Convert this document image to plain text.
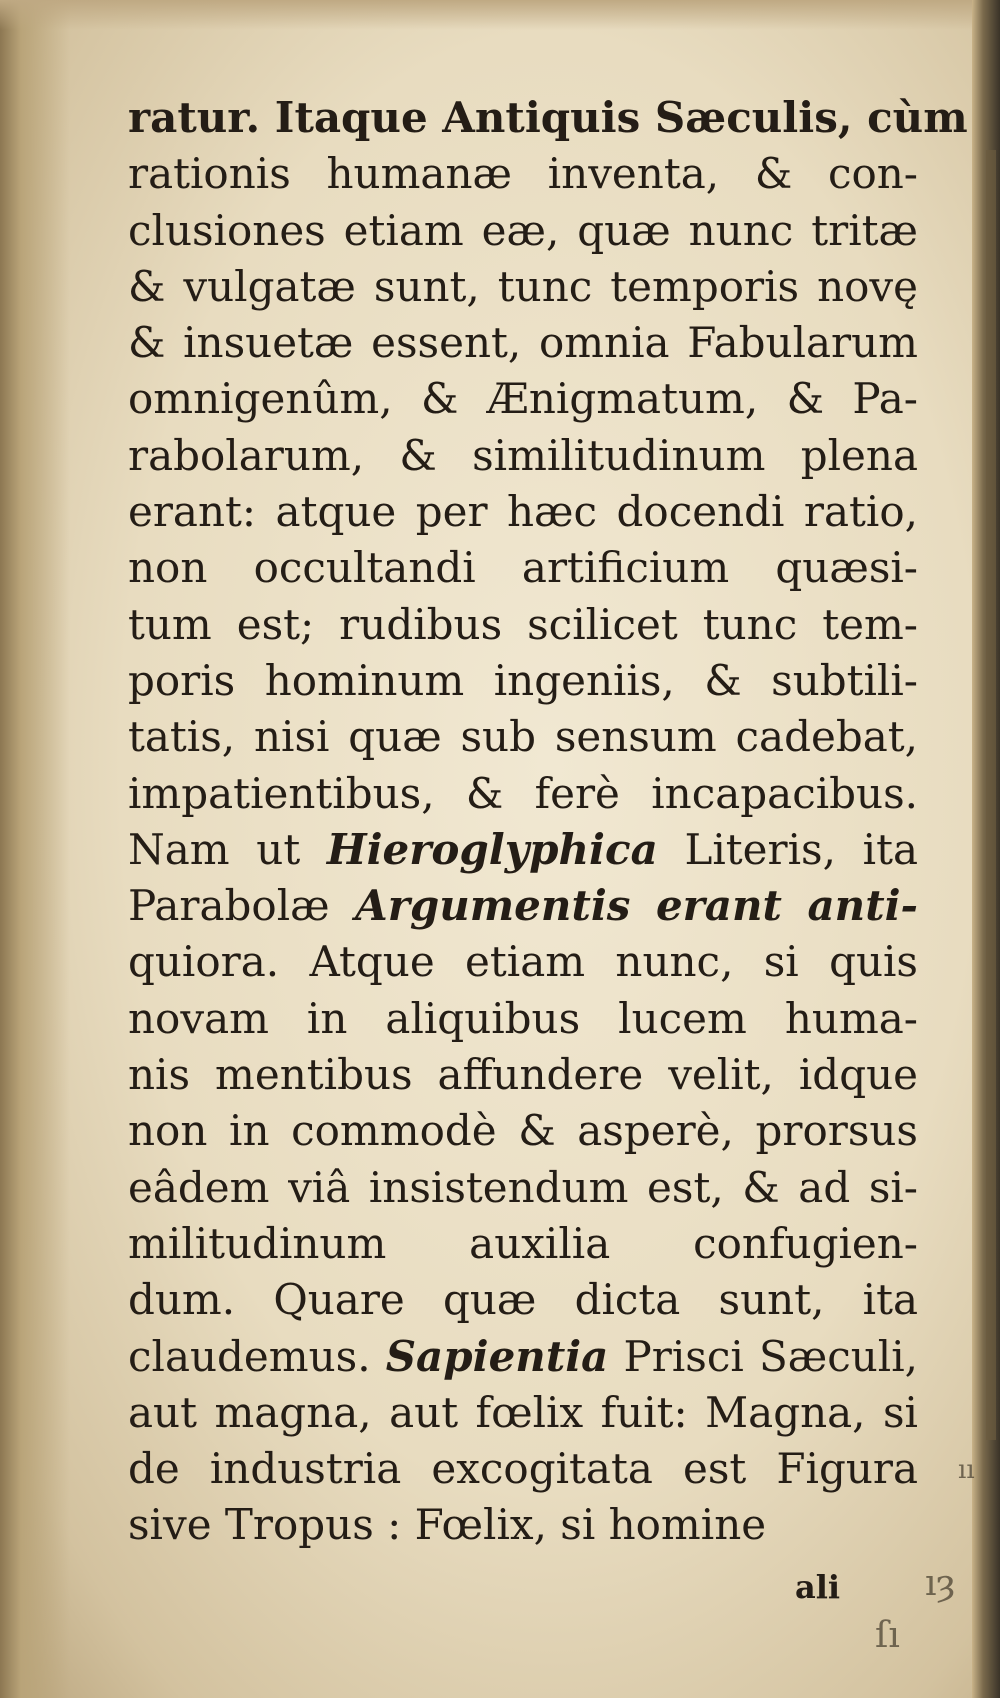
ratur. Itaque Antiquis Sæculis, cùm
rationis humanæ inventa, & con-
clusiones etiam eæ, quæ nunc tritæ
& vulgatæ sunt, tunc temporis novę
& insuetæ essent, omnia Fabularum
omnigenûm, & Ænigmatum, & Pa-
rabolarum, & similitudinum plena
erant: atque per hæc docendi ratio,
non occultandi artificium quæsi-
tum est; rudibus scilicet tunc tem-
poris hominum ingeniis, & subtili-
tatis, nisi quæ sub sensum cadebat,
impatientibus, & ferè incapacibus.
Nam ut Hieroglyphica Literis, ita
Parabolæ Argumentis erant anti-
quiora. Atque etiam nunc, si quis
novam in aliquibus lucem huma-
nis mentibus affundere velit, idque
non in commodè & asperè, prorsus
eâdem viâ insistendum est, & ad si-
militudinum auxilia confugien-
dum. Quare quæ dicta sunt, ita
claudemus. Sapientia Prisci Sæculi,
aut magna, aut fœlix fuit: Magna, si
de industria excogitata est Figura
sive Tropus : Fœlix, si homine
ali
ıı
ıȝ
ſı
